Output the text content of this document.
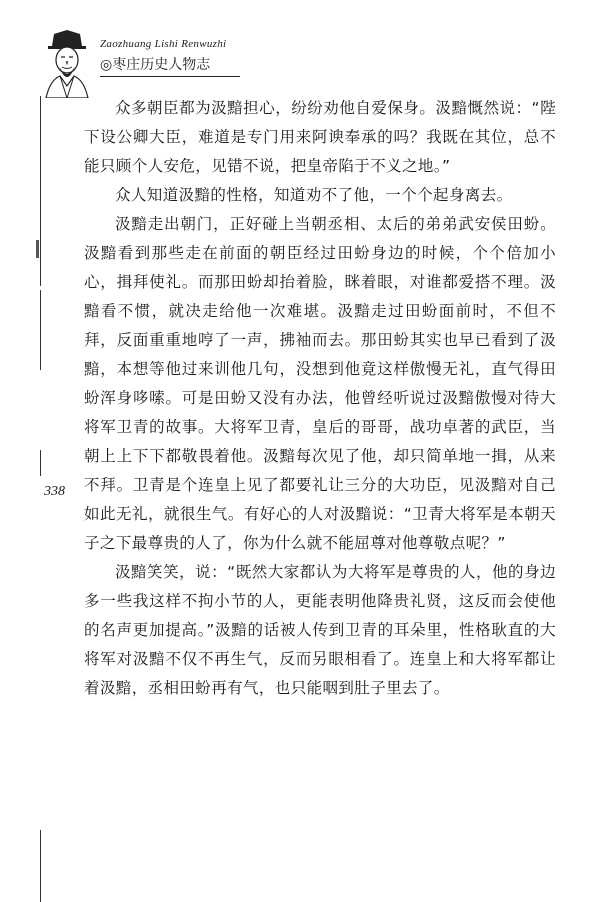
Zaozhuang Lishi Renwuzhi

◎枣庄历史人物志
338

众多朝臣都为汲黯担心，纷纷劝他自爱保身。汲黯慨然说：“陛下设公卿大臣，难道是专门用来阿谀奉承的吗？我既在其位，总不能只顾个人安危，见错不说，把皇帝陷于不义之地。”

众人知道汲黯的性格，知道劝不了他，一个个起身离去。

汲黯走出朝门，正好碰上当朝丞相、太后的弟弟武安侯田蚡。汲黯看到那些走在前面的朝臣经过田蚡身边的时候，个个倍加小心，揖拜使礼。而那田蚡却抬着脸，眯着眼，对谁都爱搭不理。汲黯看不惯，就决走给他一次难堪。汲黯走过田蚡面前时，不但不拜，反面重重地哼了一声，拂袖而去。那田蚡其实也早已看到了汲黯，本想等他过来训他几句，没想到他竟这样傲慢无礼，直气得田蚡浑身哆嗦。可是田蚡又没有办法，他曾经听说过汲黯傲慢对待大将军卫青的故事。大将军卫青，皇后的哥哥，战功卓著的武臣，当朝上上下下都敬畏着他。汲黯每次见了他，却只简单地一揖，从来不拜。卫青是个连皇上见了都要礼让三分的大功臣，见汲黯对自己如此无礼，就很生气。有好心的人对汲黯说：“卫青大将军是本朝天子之下最尊贵的人了，你为什么就不能屈尊对他尊敬点呢？”

汲黯笑笑，说：“既然大家都认为大将军是尊贵的人，他的身边多一些我这样不拘小节的人，更能表明他降贵礼贤，这反而会使他的名声更加提高。”汲黯的话被人传到卫青的耳朵里，性格耿直的大将军对汲黯不仅不再生气，反而另眼相看了。连皇上和大将军都让着汲黯，丞相田蚡再有气，也只能咽到肚子里去了。
